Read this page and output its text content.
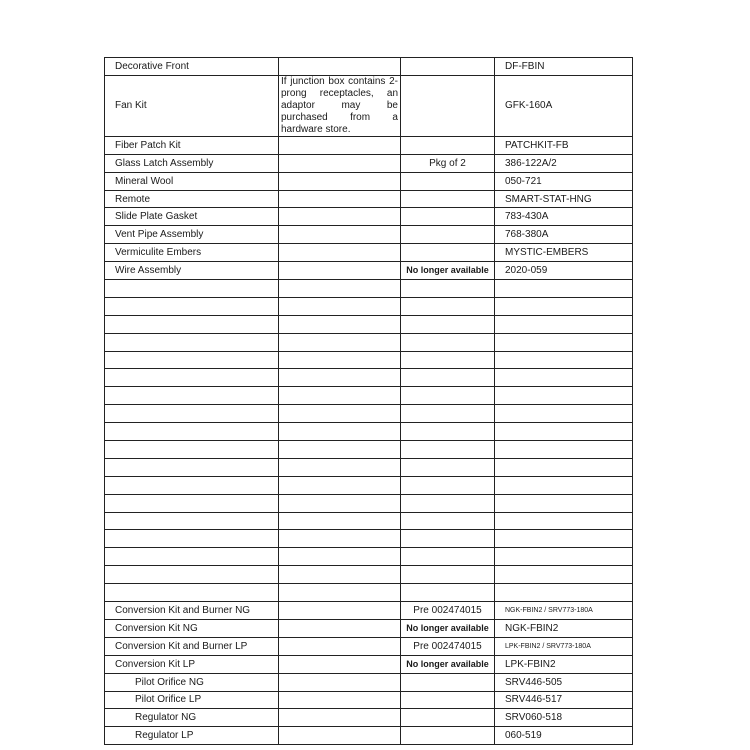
Decorative Front			DF-FBIN
Fan Kit	If junction box contains 2-prong receptacles, an adaptor may be purchased from a hardware store.		GFK-160A
Fiber Patch Kit			PATCHKIT-FB
Glass Latch Assembly		Pkg of 2	386-122A/2
Mineral Wool			050-721
Remote			SMART-STAT-HNG
Slide Plate Gasket			783-430A
Vent Pipe Assembly			768-380A
Vermiculite Embers			MYSTIC-EMBERS
Wire Assembly		No longer available	2020-059

Conversion Kit and Burner NG		Pre 002474015	NGK-FBIN2 / SRV773-180A
Conversion Kit NG		No longer available	NGK-FBIN2
Conversion Kit and Burner LP		Pre 002474015	LPK-FBIN2 / SRV773-180A
Conversion Kit LP		No longer available	LPK-FBIN2
Pilot Orifice NG			SRV446-505
Pilot Orifice LP			SRV446-517
Regulator NG			SRV060-518
Regulator LP			060-519
